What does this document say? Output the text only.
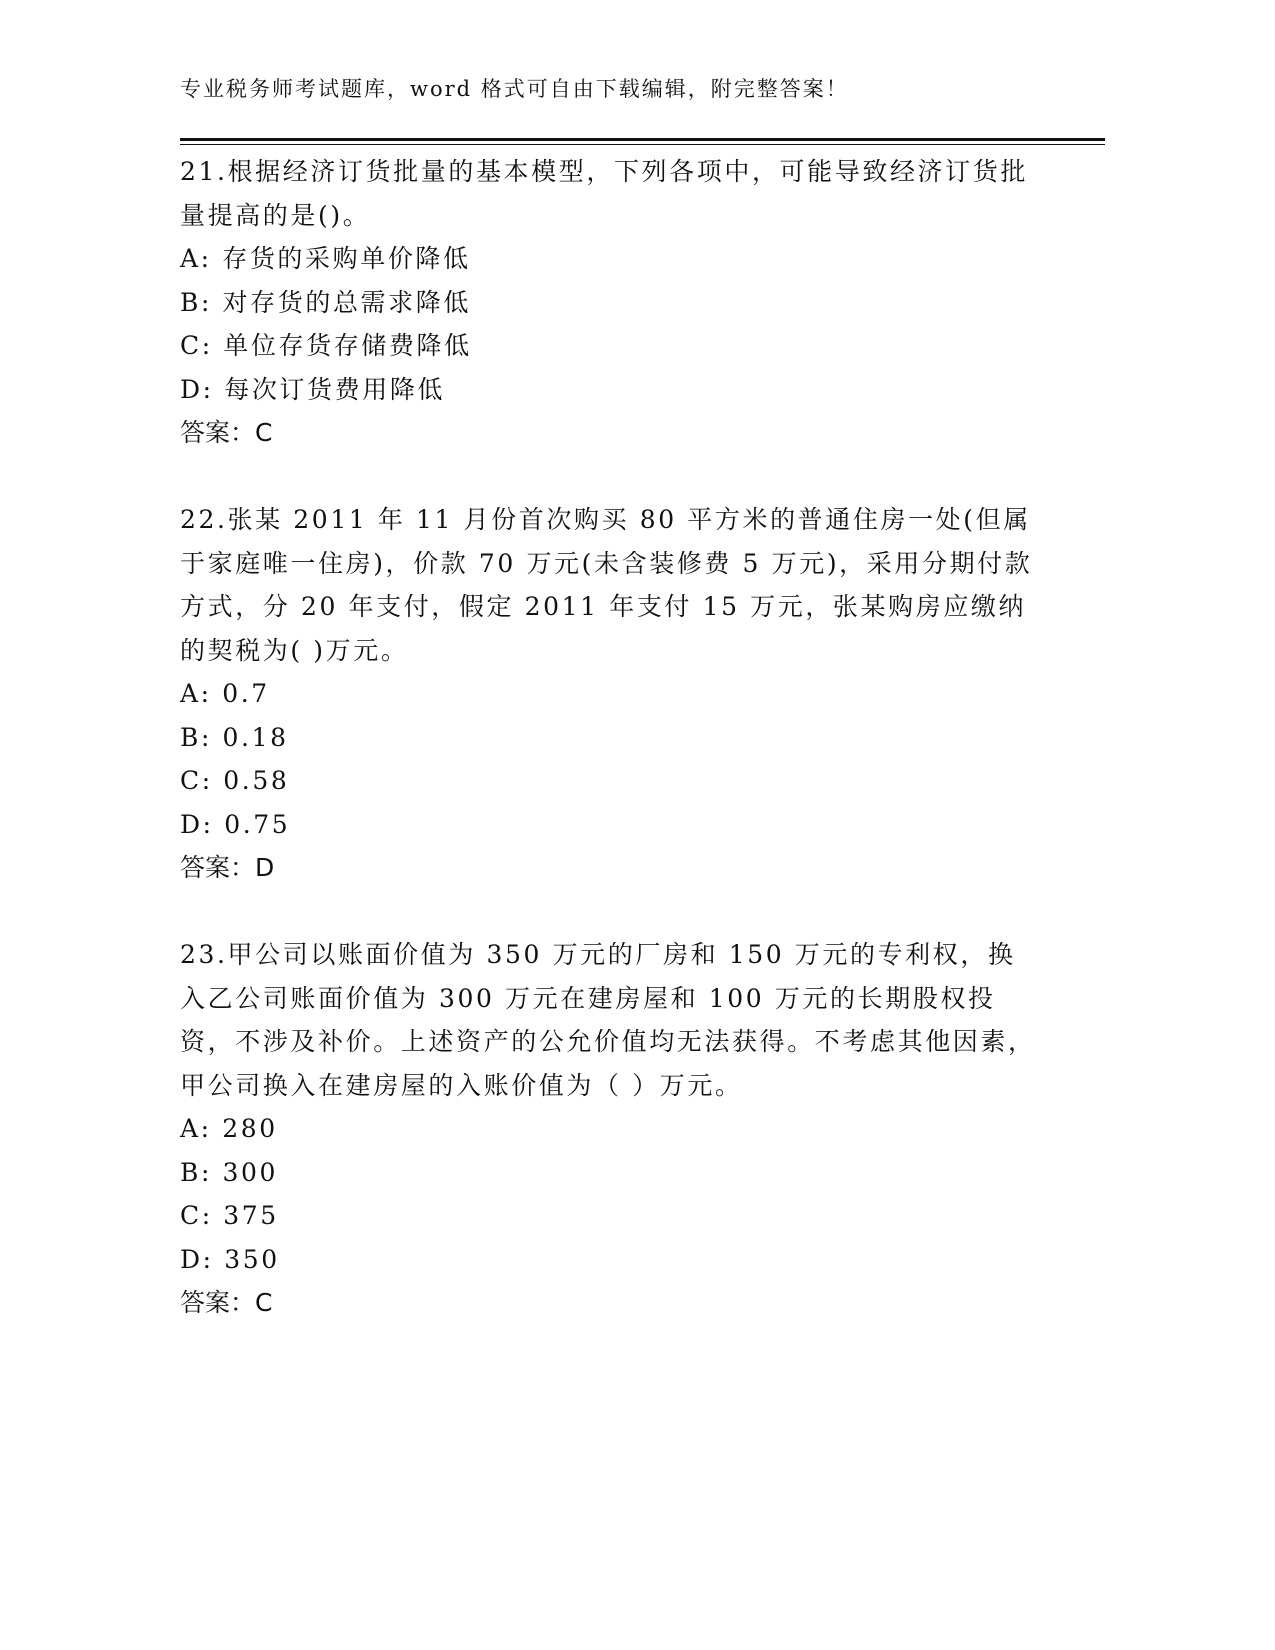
专业税务师考试题库，word 格式可自由下载编辑，附完整答案！

21.根据经济订货批量的基本模型，下列各项中，可能导致经济订货批量提高的是()。

A: 存货的采购单价降低

B: 对存货的总需求降低

C: 单位存货存储费降低

D: 每次订货费用降低

答案：C

22.张某 2011 年 11 月份首次购买 80 平方米的普通住房一处(但属于家庭唯一住房)，价款 70 万元(未含装修费 5 万元)，采用分期付款方式，分 20 年支付，假定 2011 年支付 15 万元，张某购房应缴纳的契税为( )万元。

A: 0.7

B: 0.18

C: 0.58

D: 0.75

答案：D

23.甲公司以账面价值为 350 万元的厂房和 150 万元的专利权，换入乙公司账面价值为 300 万元在建房屋和 100 万元的长期股权投资，不涉及补价。上述资产的公允价值均无法获得。不考虑其他因素，甲公司换入在建房屋的入账价值为（ ）万元。

A: 280

B: 300

C: 375

D: 350

答案：C
